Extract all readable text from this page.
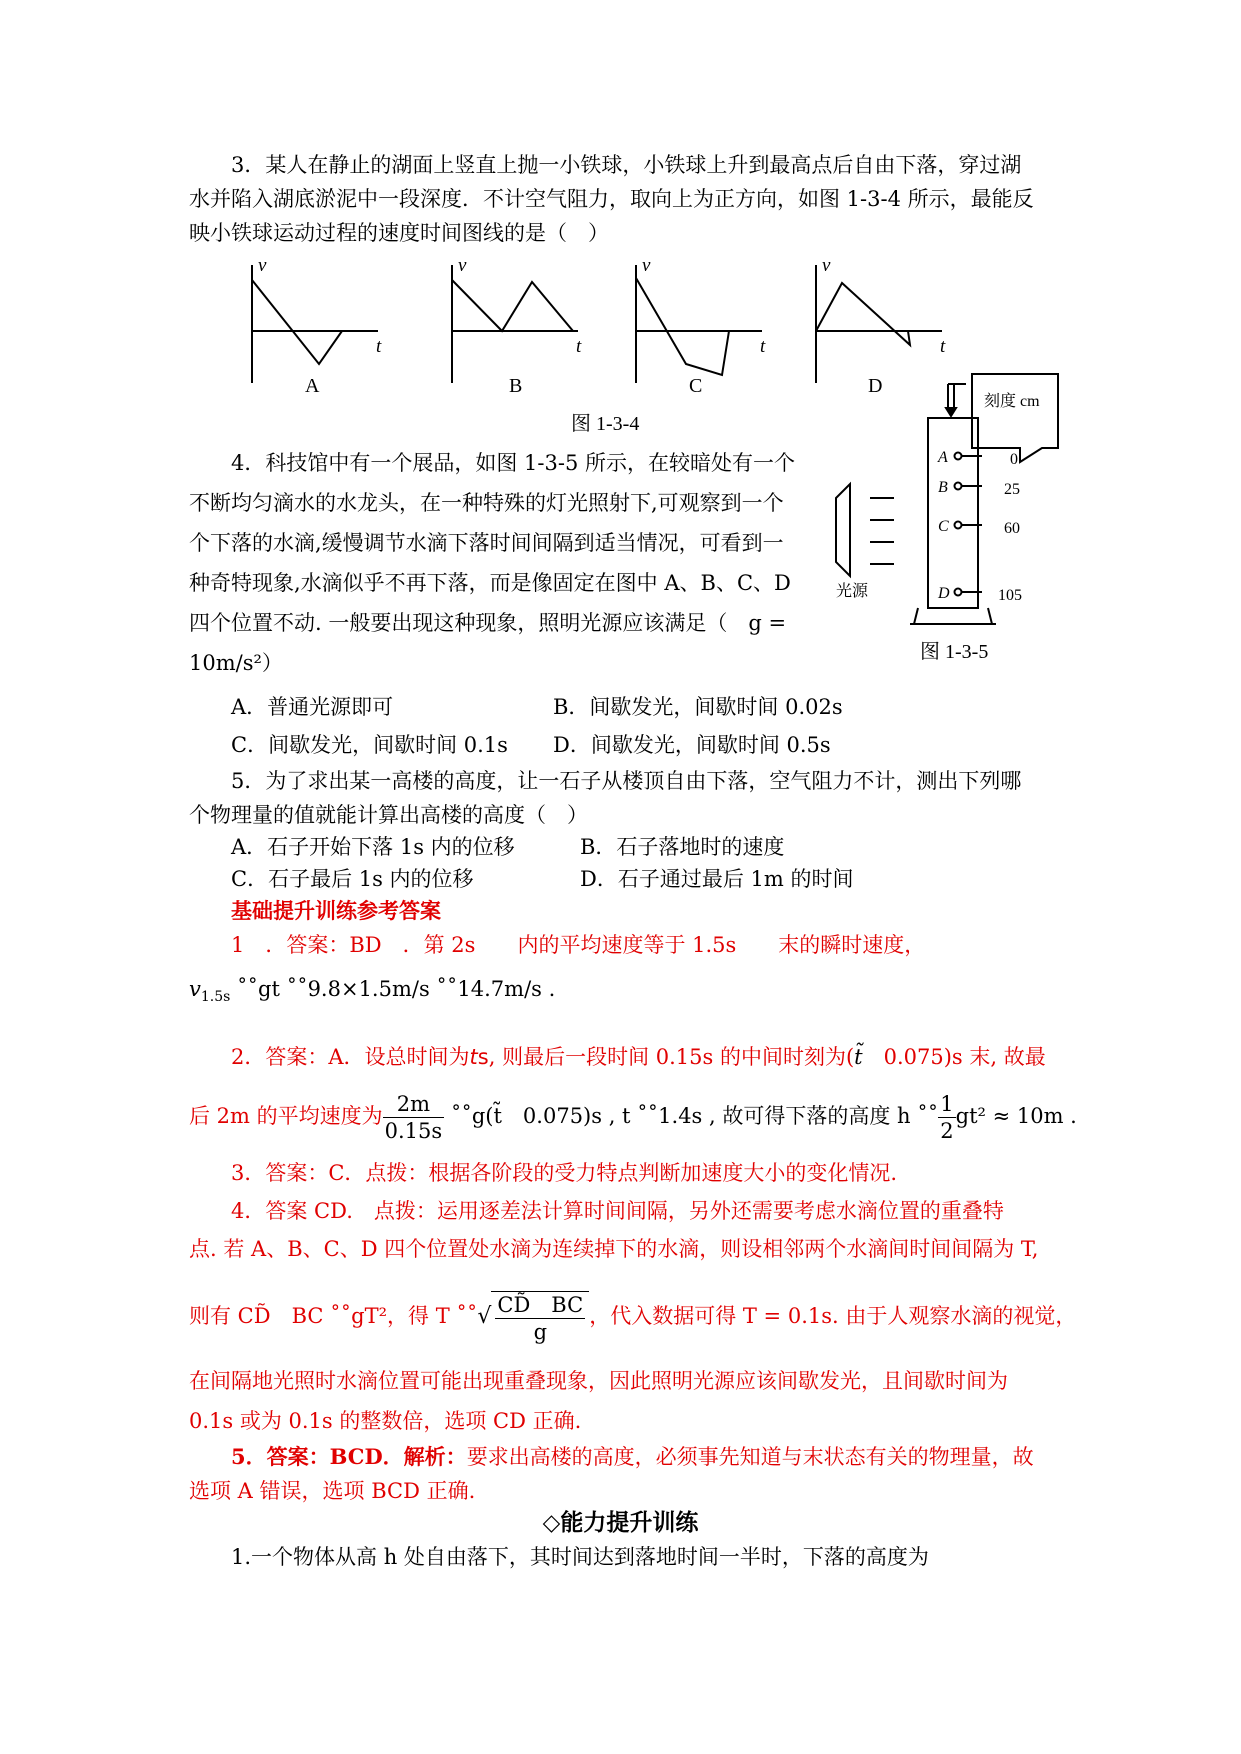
3．某人在静止的湖面上竖直上抛一小铁球，小铁球上升到最高点后自由下落，穿过湖

水并陷入湖底淤泥中一段深度．不计空气阻力，取向上为正方向，如图 1-3-4 所示，最能反

映小铁球运动过程的速度时间图线的是（　）

v
t
v
t
v
t
v
t
A	B	C	D
图 1-3-4

4．科技馆中有一个展品，如图 1-3-5 所示，在较暗处有一个

不断均匀滴水的水龙头，在一种特殊的灯光照射下,可观察到一个

个下落的水滴,缓慢调节水滴下落时间间隔到适当情况，可看到一

种奇特现象,水滴似乎不再下落，而是像固定在图中 A、B、C、D

四个位置不动. 一般要出现这种现象，照明光源应该满足（　g =

10m/s²）

刻度 cm
A
B
C
D
0
25
60
105
光源
图 1-3-5

A．普通光源即可	B．间歇发光，间歇时间 0.02s

C．间歇发光，间歇时间 0.1s	D．间歇发光，间歇时间 0.5s

5．为了求出某一高楼的高度，让一石子从楼顶自由下落，空气阻力不计，测出下列哪

个物理量的值就能计算出高楼的高度（　）

A．石子开始下落 1s 内的位移	B．石子落地时的速度

C．石子最后 1s 内的位移	D．石子通过最后 1m 的时间

基础提升训练参考答案

1　．答案：BD　．第 2s　　内的平均速度等于 1.5s　　末的瞬时速度，

$v_{1.5s}$ ˚˚gt ˚˚9.8×1.5m/s ˚˚14.7m/s .

2．答案：A．设总时间为ts, 则最后一段时间 0.15s 的中间时刻为(t̃　0.075)s 末, 故最

后 2m 的平均速度为 $\frac{2m}{0.15s}$ ˚˚g(t̃　0.075)s , t ˚˚1.4s , 故可得下落的高度 h ˚˚ $\frac{1}{2} gt^2 \approx 10m$ .

3．答案：C．点拨：根据各阶段的受力特点判断加速度大小的变化情况.

4．答案 CD.　点拨：运用逐差法计算时间间隔，另外还需要考虑水滴位置的重叠特

点. 若 A、B、C、D 四个位置处水滴为连续掉下的水滴，则设相邻两个水滴间时间间隔为 T,

则有 CD̃　BC ˚˚gT²，得 T ˚˚√ $\frac{CD̃ BC}{g}$ ，代入数据可得 T = 0.1s. 由于人观察水滴的视觉，

在间隔地光照时水滴位置可能出现重叠现象，因此照明光源应该间歇发光，且间歇时间为

0.1s 或为 0.1s 的整数倍，选项 CD 正确.

5．答案：BCD．解析：要求出高楼的高度，必须事先知道与末状态有关的物理量，故

选项 A 错误，选项 BCD 正确.

◇能力提升训练

1.一个物体从高 h 处自由落下，其时间达到落地时间一半时，下落的高度为
